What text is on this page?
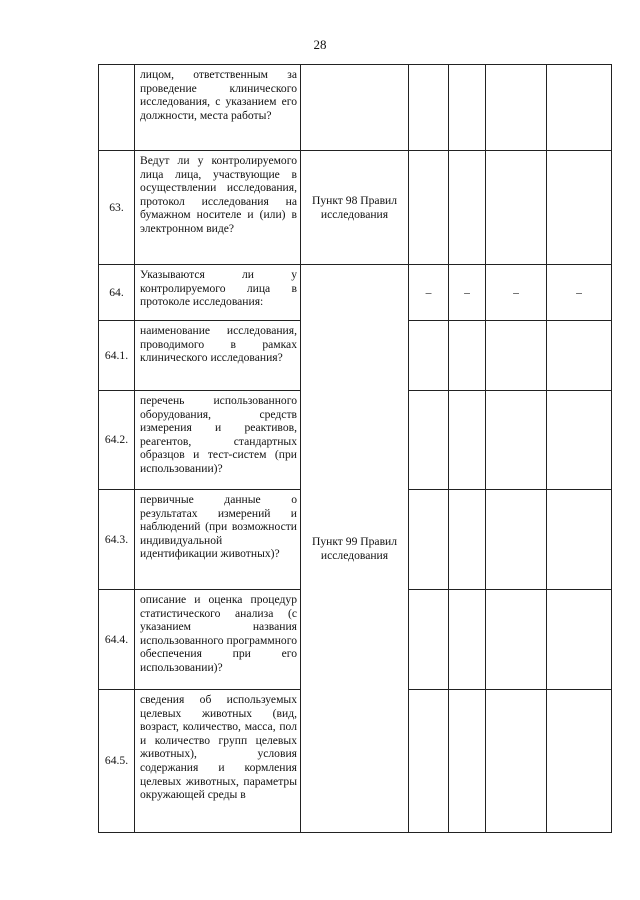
28
	лицом, ответственным за проведение клинического исследования, с указанием его должности, места работы?						
63.	Ведут ли у контролируемого лица лица, участвующие в осуществлении исследования, протокол исследования на бумажном носителе и (или) в электронном виде?	Пункт 98 Правил исследования					
64.	Указываются ли у контролируемого лица в протоколе исследования:	Пункт 99 Правил исследования	–	–	–	–	
64.1.	наименование исследования, проводимого в рамках клинического исследования?						
64.2.	перечень использованного оборудования, средств измерения и реактивов, реагентов, стандартных образцов и тест-систем (при использовании)?						
64.3.	первичные данные о результатах измерений и наблюдений (при возможности индивидуальной идентификации животных)?						
64.4.	описание и оценка процедур статистического анализа (с указанием названия использованного программного обеспечения при его использовании)?						
64.5.	сведения об используемых целевых животных (вид, возраст, количество, масса, пол и количество групп целевых животных), условия содержания и кормления целевых животных, параметры окружающей среды в						
